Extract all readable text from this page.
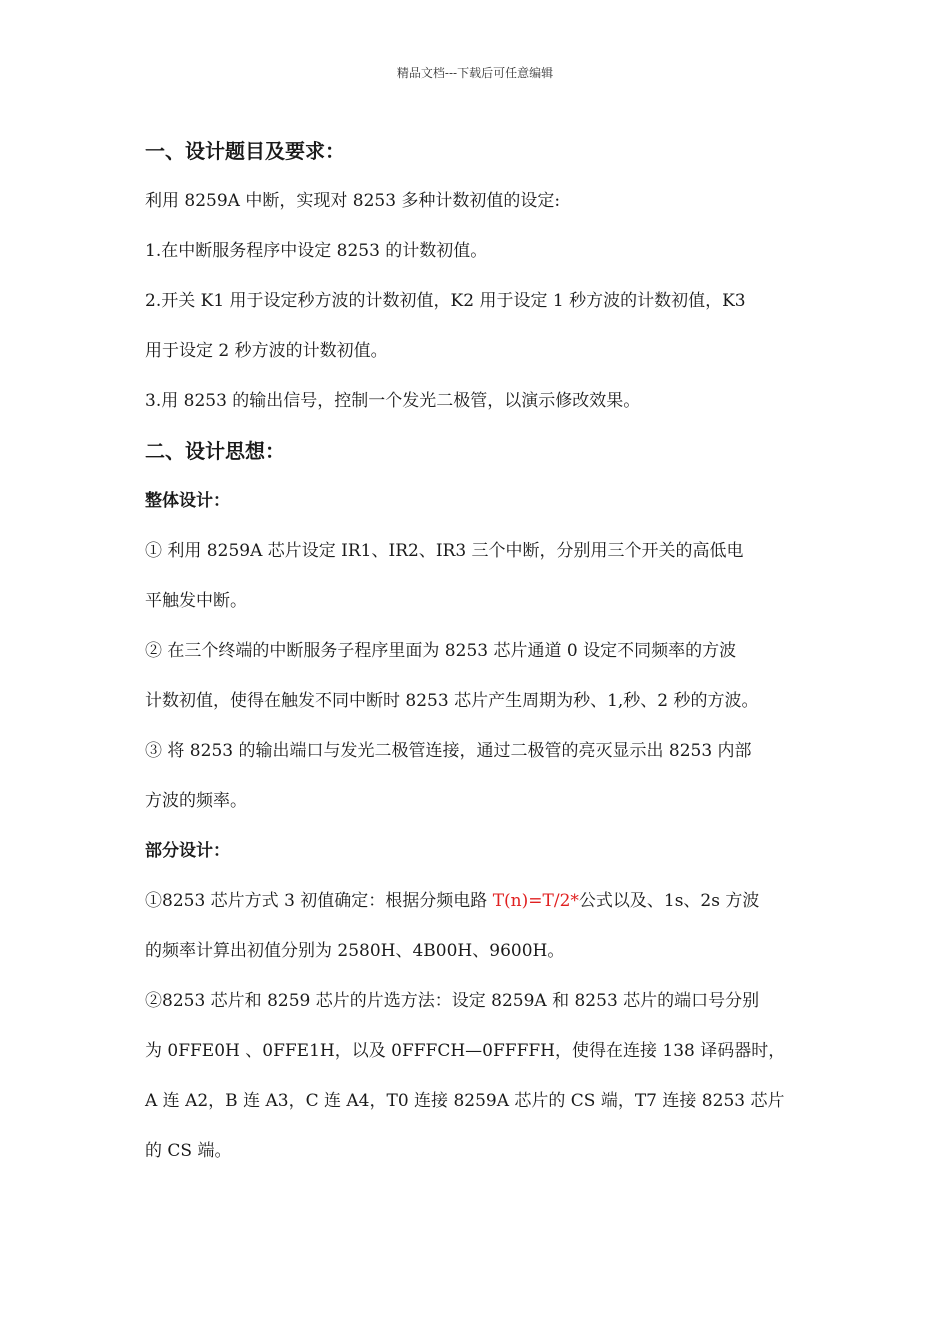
精品文档---下载后可任意编辑
一、设计题目及要求：
利用 8259A 中断，实现对 8253 多种计数初值的设定:
1.在中断服务程序中设定 8253 的计数初值。
2.开关 K1 用于设定秒方波的计数初值，K2 用于设定 1 秒方波的计数初值，K3
用于设定 2 秒方波的计数初值。
3.用 8253 的输出信号，控制一个发光二极管，以演示修改效果。
二、设计思想：
整体设计：
① 利用 8259A 芯片设定 IR1、IR2、IR3 三个中断，分别用三个开关的高低电
平触发中断。
② 在三个终端的中断服务子程序里面为 8253 芯片通道 0 设定不同频率的方波
计数初值，使得在触发不同中断时 8253 芯片产生周期为秒、1,秒、2 秒的方波。
③ 将 8253 的输出端口与发光二极管连接，通过二极管的亮灭显示出 8253 内部
方波的频率。
部分设计：
①8253 芯片方式 3 初值确定：根据分频电路 T(n)=T/2*公式以及、1s、2s 方波
的频率计算出初值分别为 2580H、4B00H、9600H。
②8253 芯片和 8259 芯片的片选方法：设定 8259A 和 8253 芯片的端口号分别
为 0FFE0H 、0FFE1H，以及 0FFFCH—0FFFFH，使得在连接 138 译码器时，
A 连 A2，B 连 A3，C 连 A4，T0 连接 8259A 芯片的 CS 端，T7 连接 8253 芯片
的 CS 端。
